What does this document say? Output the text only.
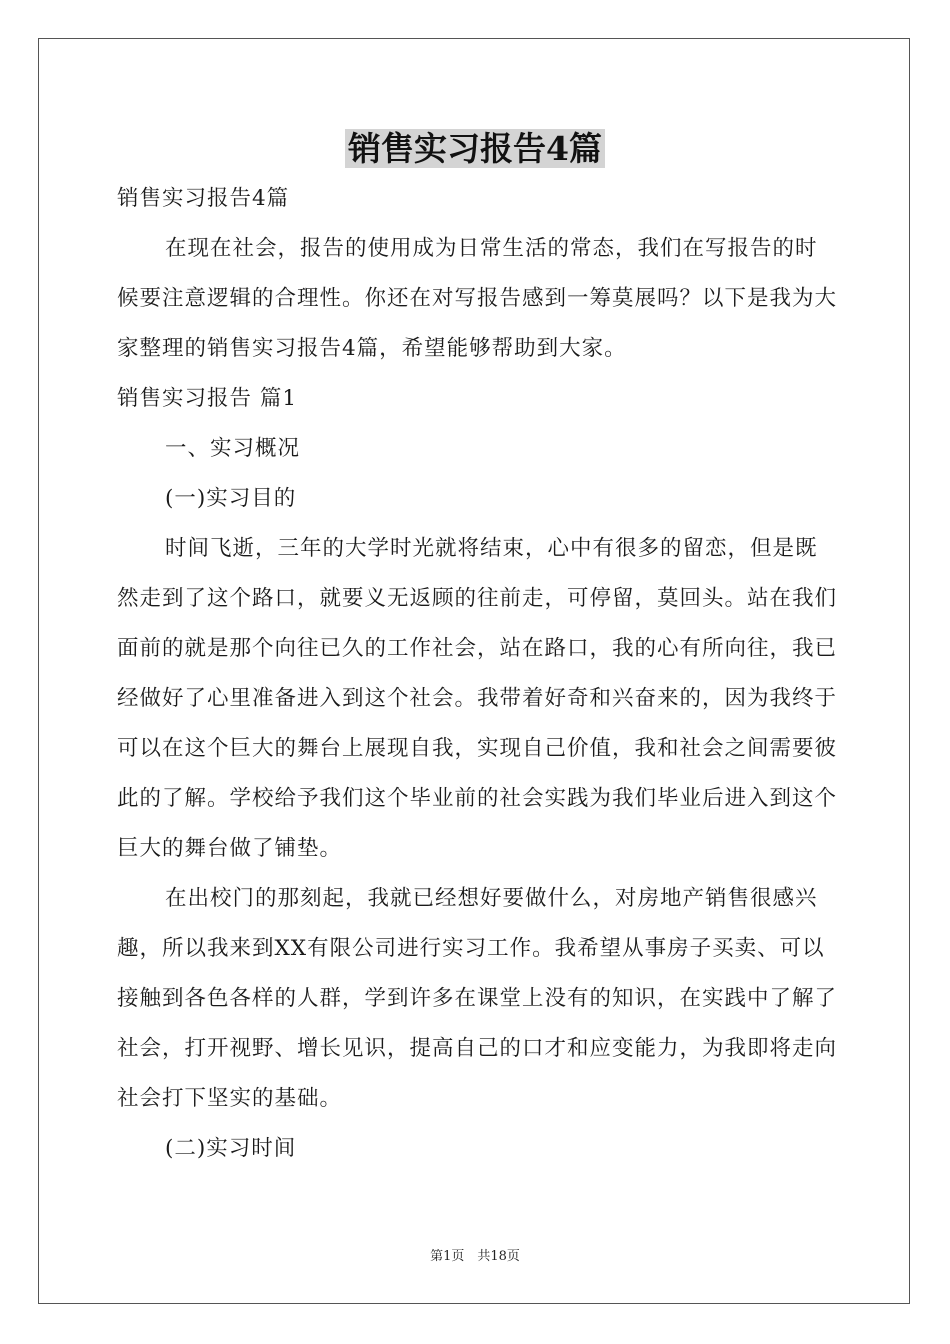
销售实习报告4篇

销售实习报告4篇

在现在社会，报告的使用成为日常生活的常态，我们在写报告的时候要注意逻辑的合理性。你还在对写报告感到一筹莫展吗？以下是我为大家整理的销售实习报告4篇，希望能够帮助到大家。

销售实习报告 篇1

一、实习概况

(一)实习目的

时间飞逝，三年的大学时光就将结束，心中有很多的留恋，但是既然走到了这个路口，就要义无返顾的往前走，可停留，莫回头。站在我们面前的就是那个向往已久的工作社会，站在路口，我的心有所向往，我已经做好了心里准备进入到这个社会。我带着好奇和兴奋来的，因为我终于可以在这个巨大的舞台上展现自我，实现自己价值，我和社会之间需要彼此的了解。学校给予我们这个毕业前的社会实践为我们毕业后进入到这个巨大的舞台做了铺垫。

在出校门的那刻起，我就已经想好要做什么，对房地产销售很感兴趣，所以我来到XX有限公司进行实习工作。我希望从事房子买卖、可以接触到各色各样的人群，学到许多在课堂上没有的知识，在实践中了解了社会，打开视野、增长见识，提高自己的口才和应变能力，为我即将走向社会打下坚实的基础。

(二)实习时间

第1页　共18页
